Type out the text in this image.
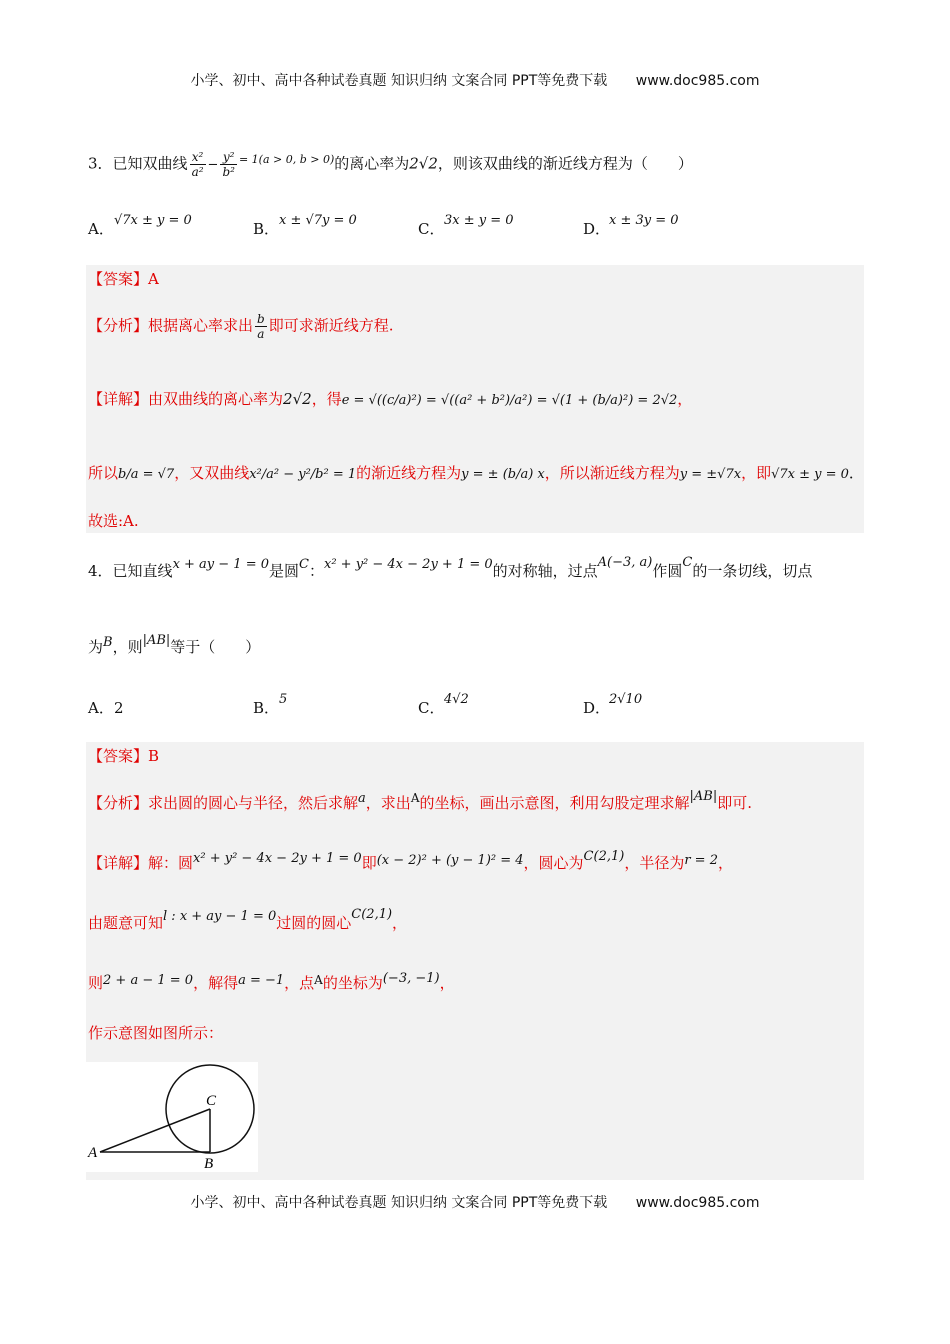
小学、初中、高中各种试卷真题 知识归纳 文案合同 PPT等免费下载 www.doc985.com
3．已知双曲线 $\frac{\text{x²}}{\text{a²}} - \frac{\text{y²}}{\text{b²}} ^{= 1(a > 0, b > 0)}$的离心率为2√2，则该双曲线的渐近线方程为（　　）
A．√7x ± y = 0	B．x ± √7y = 0	C．3x ± y = 0	D．x ± 3y = 0
【答案】A
【分析】根据离心率求出 $\frac{b}{a}$ 即可求渐近线方程.
【详解】由双曲线的离心率为2√2，得e = √((c/a)²) = √((a² + b²)/a²) = √(1 + (b/a)²) = 2√2，
所以b/a = √7，又双曲线x²/a² − y²/b² = 1的渐近线方程为y = ± (b/a) x，所以渐近线方程为y = ±√7x，即√7x ± y = 0．
故选:A.
4．已知直线x + ay − 1 = 0是圆C：x² + y² − 4x − 2y + 1 = 0的对称轴，过点A(−3, a)作圆C的一条切线，切点
为B，则|AB|等于（　　）
A．2	B．5	C．4√2	D．2√10
【答案】B
【分析】求出圆的圆心与半径，然后求解a，求出$^A$的坐标，画出示意图，利用勾股定理求解|AB|即可.
【详解】解：圆x² + y² − 4x − 2y + 1 = 0即(x − 2)² + (y − 1)² = 4，圆心为C(2,1)，半径为r = 2，
由题意可知l : x + ay − 1 = 0过圆的圆心C(2,1)，
则2 + a − 1 = 0，解得a = −1，点$^A$的坐标为(−3, −1)，
作示意图如图所示：
A
B
C
小学、初中、高中各种试卷真题 知识归纳 文案合同 PPT等免费下载 www.doc985.com
